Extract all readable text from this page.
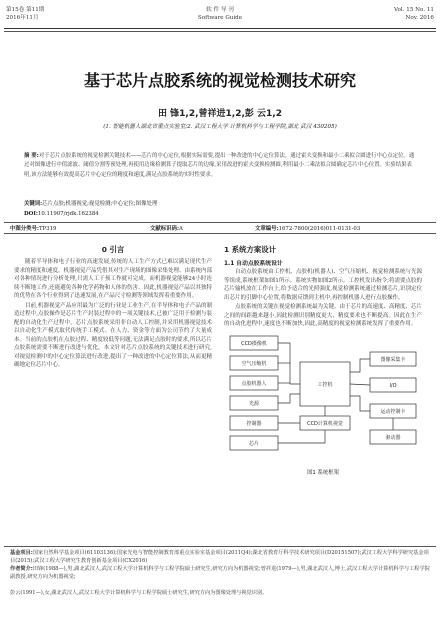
第15卷 第11期
2016年11月
软 件 导 刊
Software Guide
Vol. 15 No. 11
Nov. 2016
基于芯片点胶系统的视觉检测技术研究
田 锋1,2,曾祥进1,2,彭 云1,2
(1. 智能机器人湖北省重点实验室;2. 武汉工程大学 计算机科学与工程学院,湖北 武汉 430205)
摘 要:对于芯片点胶系统的视觉检测关键技术——芯片的中心定位,根据实际需要,提出一种改进的中心定位算法。通过霍夫变换和最小二乘拟合圆进行中心点定位。通过对图像进行中值滤波、阈值分割等预处理,再使用边缘检测算子提取芯片的边缘,采用改进的霍夫变换检测圆,利用最小二乘法拟合圆确定芯片中心位置。实验结果表明,该方法能够有效提高芯片中心定位的精度和速度,满足点胶系统的实时性要求。
关键词:芯片点胶;机器视觉;视觉检测;中心定位;图像处理
DOI:10.11907/rjdk.162384
中图分类号:TP319	文献标识码:A	文章编号:1672-7800(2016)011-0131-03
0 引言

随着半导体和电子行业的高速发展,传统的人工生产方式已难以满足现代生产要求的精度和速度。机器视觉产品凭借其对生产现场的图像采集处理、由系统内部对各种情况进行分析处理,只需人工干预工作就可完成。而机器视觉能够24小时连续不断地工作,还能避免各种化学药物和人体的伤害。因此,机器视觉产品以其独特的优势在各个行业得到了迅速发展,在产品尺寸检测等领域发挥着重要作用。

目前,机器视觉产品应用最为广泛的行业是工业生产,在半导体和电子产品的制造过程中,点胶操作是芯片生产封装过程中的一项关键技术,已被广泛用于检测与装配的自动化生产过程中。芯片点胶系统采用非自动人工控制,并采用机器视觉技术以自动化生产模式取代传统手工模式。在人力、资金等方面为公司节约了大量成本。当前的点胶机在点胶过程、精度较低等问题,无法满足点胶时的要求,所以芯片点胶系统需要不断进行改进与优化。本文针对芯片点胶系统的关键技术进行研究,对视觉检测中的中心定位算法进行改进,提出了一种改进的中心定位算法,从而更精确地定位芯片中心。

1 系统方案设计
1.1 自动点胶系统设计

自动点胶系统由工控机、点胶机(机器人)、空气压缩机、视觉检测系统与光源等组成,系统框架如图1所示。系统实物如图2所示。工控机发出指令;将需要点胶的芯片输机放在工作台上,给予适合的光照强度,视觉检测系统通过检测芯片,识别定位出芯片的引脚中心位置,将数据反馈到主机中,再控制机器人进行点胶操作。

点胶系统的关键在视觉检测系统最为关键。由于芯片的高速度、高精度、芯片之间的间距越来越小,因此检测识别精度更大、精度要求也不断提高。因此在生产的自动化进程中,速度也不断加快,因此,高精度的视觉检测系统发挥了重要作用。

CCD摄像机
空气压缩机
点胶机器人
光源
控制器
芯片
工控机
CCD计算机视觉
图像采集卡
I/O
运动控制卡
驱动器
图1 系统框架
基金项目:国家自然科学基金项目(61103136);国家光电与智能控制教育部重点实验室基金项目(2011Q4);湖北省教育厅科学技术研究项目(D20151507);武汉工程大学科学研究基金项目(2015);武汉工程大学研究生教育创新基金项目(CX2016)
作者简介:田锋(1988—),男,湖北武汉人,武汉工程大学计算机科学与工程学院硕士研究生,研究方向为机器视觉;曾祥进(1979—),男,湖北武汉人,博士,武汉工程大学计算机科学与工程学院副教授,研究方向为机器视觉;
彭云(1991—),女,湖北武汉人,武汉工程大学计算机科学与工程学院硕士研究生,研究方向为图像处理与视觉识别。
